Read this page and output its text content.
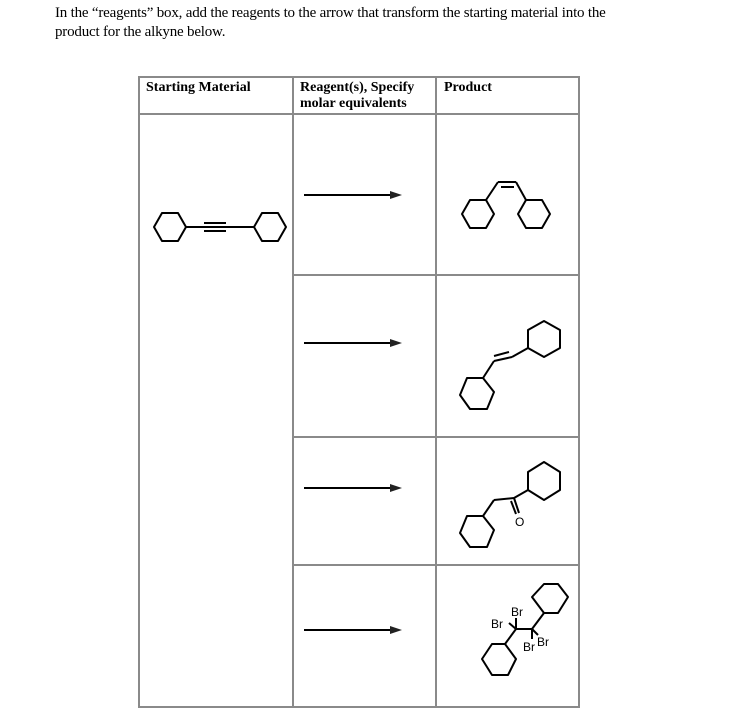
In the “reagents” box, add the reagents to the arrow that transform the starting material into the
product for the alkyne below.
Starting Material	Reagent(s), Specify
molar equivalents
Product
O
Br
Br
Br
Br
